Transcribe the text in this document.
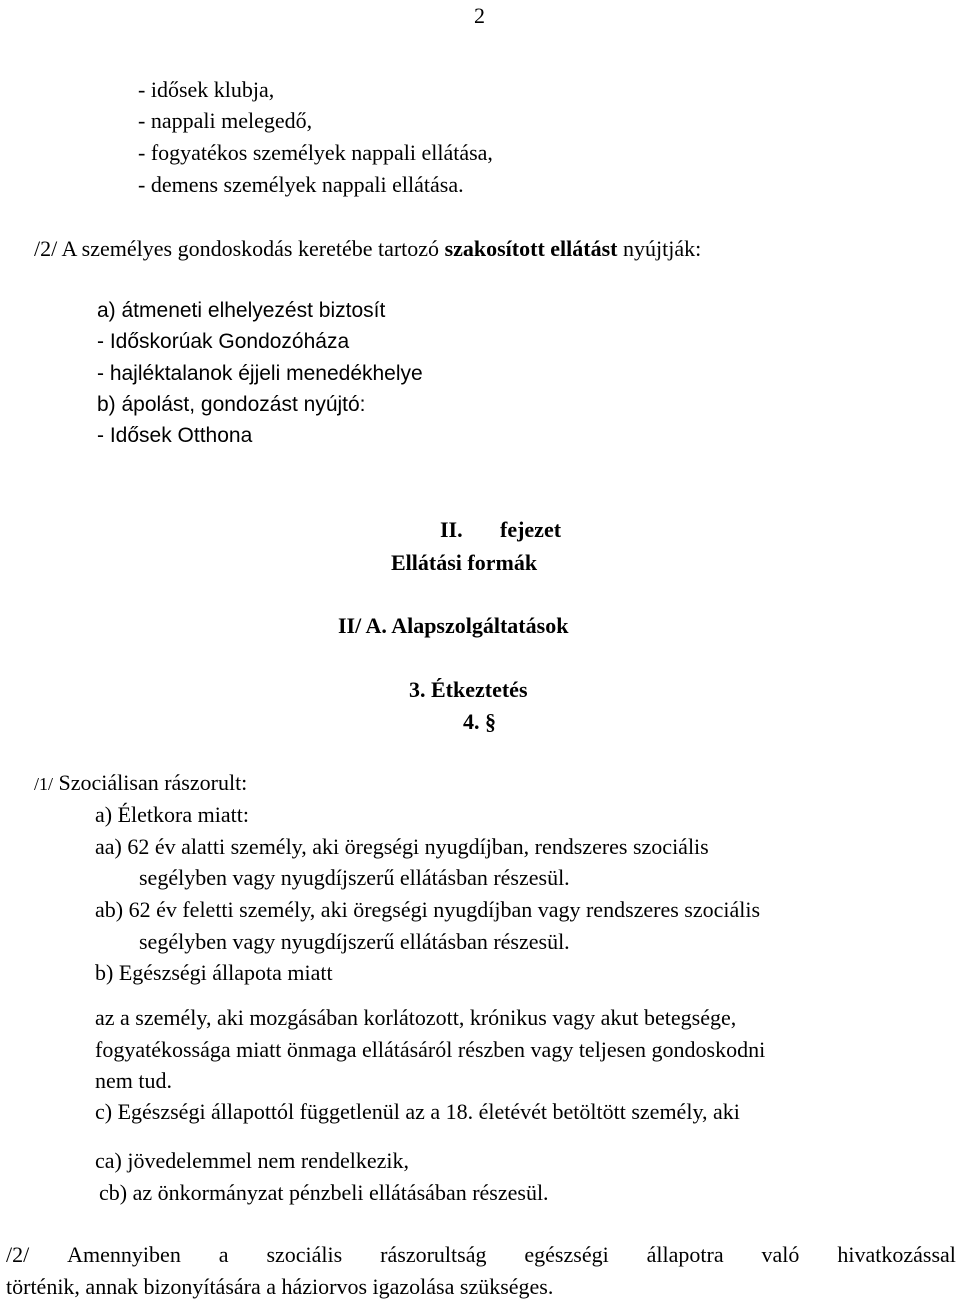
2
- idősek klubja,
- nappali melegedő,
- fogyatékos személyek nappali ellátása,
- demens személyek nappali ellátása.
/2/ A személyes gondoskodás keretébe tartozó szakosított ellátást nyújtják:
a) átmeneti elhelyezést biztosít
- Időskorúak Gondozóháza
- hajléktalanok éjjeli menedékhelye
b) ápolást, gondozást nyújtó:
- Idősek Otthona
II. fejezet
Ellátási formák
II/ A. Alapszolgáltatások
3. Étkeztetés
4. §
/1/ Szociálisan rászorult:
a) Életkora miatt:
aa) 62 év alatti személy, aki öregségi nyugdíjban, rendszeres szociális
segélyben vagy nyugdíjszerű ellátásban részesül.
ab) 62 év feletti személy, aki öregségi nyugdíjban vagy rendszeres szociális
segélyben vagy nyugdíjszerű ellátásban részesül.
b) Egészségi állapota miatt
az a személy, aki mozgásában korlátozott, krónikus vagy akut betegsége,
fogyatékossága miatt önmaga ellátásáról részben vagy teljesen gondoskodni
nem tud.
c) Egészségi állapottól függetlenül az a 18. életévét betöltött személy, aki
ca) jövedelemmel nem rendelkezik,
cb) az önkormányzat pénzbeli ellátásában részesül.
/2/ Amennyiben a szociális rászorultság egészségi állapotra való hivatkozással
történik, annak bizonyítására a háziorvos igazolása szükséges.
